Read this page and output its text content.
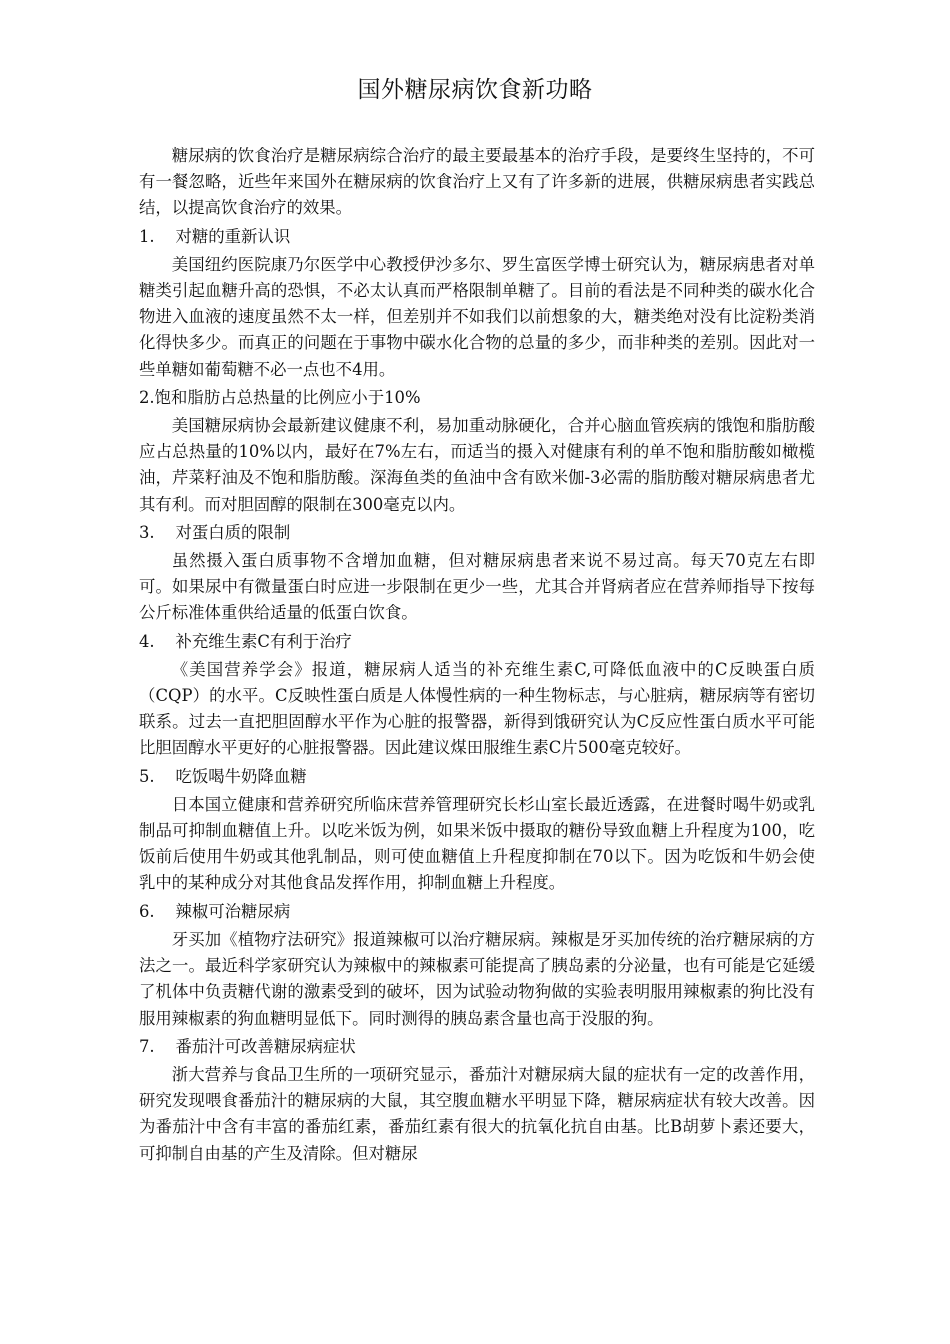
国外糖尿病饮食新功略

糖尿病的饮食治疗是糖尿病综合治疗的最主要最基本的治疗手段，是要终生坚持的，不可有一餐忽略，近些年来国外在糖尿病的饮食治疗上又有了许多新的进展，供糖尿病患者实践总结，以提高饮食治疗的效果。

1.    对糖的重新认识

美国纽约医院康乃尔医学中心教授伊沙多尔、罗生富医学博士研究认为，糖尿病患者对单糖类引起血糖升高的恐惧，不必太认真而严格限制单糖了。目前的看法是不同种类的碳水化合物进入血液的速度虽然不太一样，但差别并不如我们以前想象的大，糖类绝对没有比淀粉类消化得快多少。而真正的问题在于事物中碳水化合物的总量的多少，而非种类的差别。因此对一些单糖如葡萄糖不必一点也不4用。

2.饱和脂肪占总热量的比例应小于10%

美国糖尿病协会最新建议健康不利，易加重动脉硬化，合并心脑血管疾病的饿饱和脂肪酸应占总热量的10%以内，最好在7%左右，而适当的摄入对健康有利的单不饱和脂肪酸如橄榄油，芹菜籽油及不饱和脂肪酸。深海鱼类的鱼油中含有欧米伽-3必需的脂肪酸对糖尿病患者尤其有利。而对胆固醇的限制在300毫克以内。

3.    对蛋白质的限制

虽然摄入蛋白质事物不含增加血糖，但对糖尿病患者来说不易过高。每天70克左右即可。如果尿中有微量蛋白时应进一步限制在更少一些，尤其合并肾病者应在营养师指导下按每公斤标准体重供给适量的低蛋白饮食。

4.    补充维生素C有利于治疗

《美国营养学会》报道，糖尿病人适当的补充维生素C,可降低血液中的C反映蛋白质（CQP）的水平。C反映性蛋白质是人体慢性病的一种生物标志，与心脏病，糖尿病等有密切联系。过去一直把胆固醇水平作为心脏的报警器，新得到饿研究认为C反应性蛋白质水平可能比胆固醇水平更好的心脏报警器。因此建议煤田服维生素C片500毫克较好。

5.    吃饭喝牛奶降血糖

日本国立健康和营养研究所临床营养管理研究长杉山室长最近透露，在进餐时喝牛奶或乳制品可抑制血糖值上升。以吃米饭为例，如果米饭中摄取的糖份导致血糖上升程度为100，吃饭前后使用牛奶或其他乳制品，则可使血糖值上升程度抑制在70以下。因为吃饭和牛奶会使乳中的某种成分对其他食品发挥作用，抑制血糖上升程度。

6.    辣椒可治糖尿病

牙买加《植物疗法研究》报道辣椒可以治疗糖尿病。辣椒是牙买加传统的治疗糖尿病的方法之一。最近科学家研究认为辣椒中的辣椒素可能提高了胰岛素的分泌量，也有可能是它延缓了机体中负责糖代谢的激素受到的破坏，因为试验动物狗做的实验表明服用辣椒素的狗比没有服用辣椒素的狗血糖明显低下。同时测得的胰岛素含量也高于没服的狗。

7.    番茄汁可改善糖尿病症状

浙大营养与食品卫生所的一项研究显示，番茄汁对糖尿病大鼠的症状有一定的改善作用，研究发现喂食番茄汁的糖尿病的大鼠，其空腹血糖水平明显下降，糖尿病症状有较大改善。因为番茄汁中含有丰富的番茄红素，番茄红素有很大的抗氧化抗自由基。比B胡萝卜素还要大，可抑制自由基的产生及清除。但对糖尿
